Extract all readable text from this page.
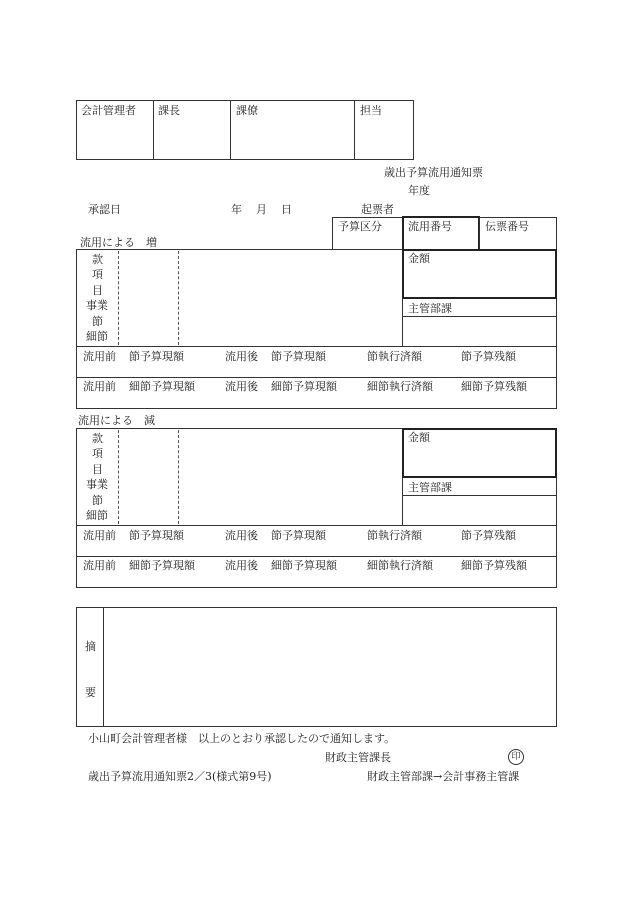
会計管理者 課長	課僚	担当
歳出予算流用通知票
年度
承認日	年 月 日	起票者
予算区分 流用番号	伝票番号
流用による　増
金額
主管部課
款
項
目
事業
節
細節
流用前 節予算現額	流用後 節予算現額	節執行済額	節予算残額
流用前 細節予算現額	流用後 細節予算現額	細節執行済額	細節予算残額
流用による　減
金額
主管部課
款
項
目
事業
節
細節
流用前 節予算現額	流用後 節予算現額	節執行済額	節予算残額
流用前 細節予算現額	流用後 細節予算現額	細節執行済額	細節予算残額
摘
要
小山町会計管理者様　以上のとおり承認したので通知します。
財政主管課長	印
歳出予算流用通知票2／3(様式第9号)	財政主管部課→会計事務主管課
